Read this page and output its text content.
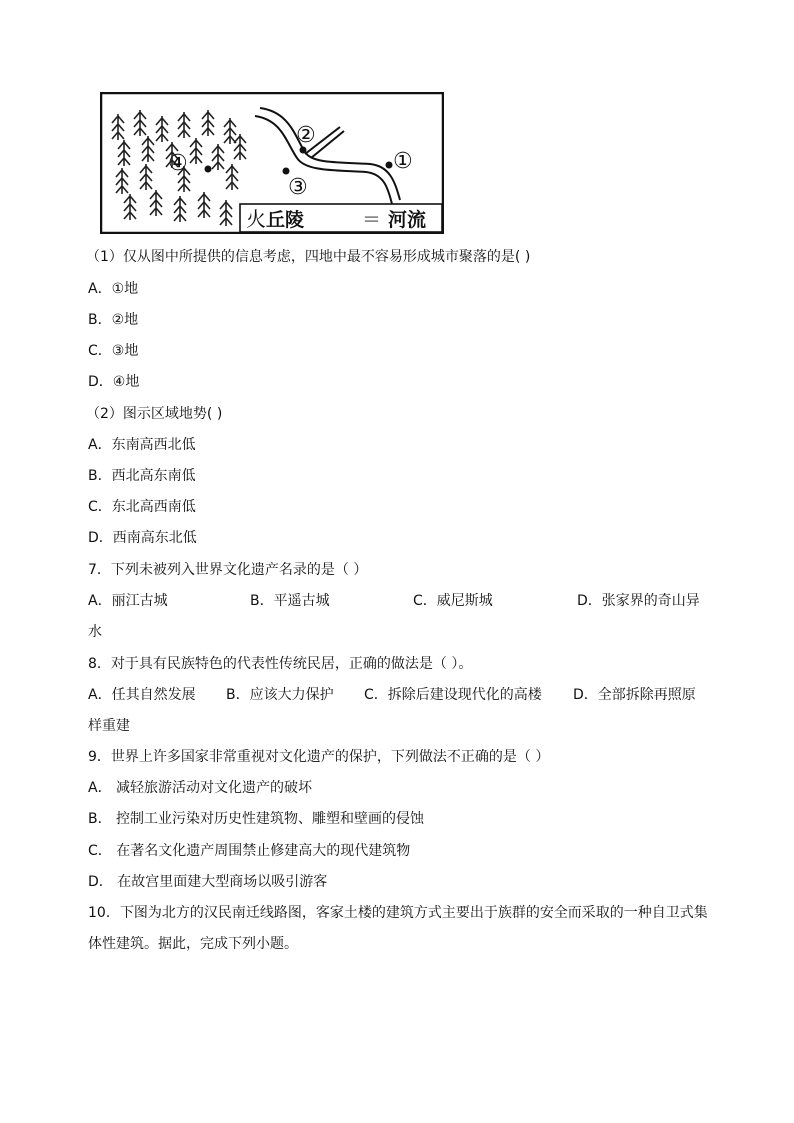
①
②
③
④
⽕ 丘陵	＝ 河流
（1）仅从图中所提供的信息考虑，四地中最不容易形成城市聚落的是( )
A．①地
B．②地
C．③地
D．④地
（2）图示区域地势( )
A．东南高西北低
B．西北高东南低
C．东北高西南低
D．西南高东北低
7．下列未被列入世界文化遗产名录的是（ ）
A．丽江古城	B．平遥古城	C．威尼斯城	D．张家界的奇山异
水
8．对于具有民族特色的代表性传统民居，正确的做法是（ ）。
A．任其自然发展 B．应该大力保护 C．拆除后建设现代化的高楼 D．全部拆除再照原
样重建
9．世界上许多国家非常重视对文化遗产的保护，下列做法不正确的是（ ）
A． 减轻旅游活动对文化遗产的破坏
B． 控制工业污染对历史性建筑物、雕塑和壁画的侵蚀
C． 在著名文化遗产周围禁止修建高大的现代建筑物
D． 在故宫里面建大型商场以吸引游客
10．下图为北方的汉民南迁线路图，客家土楼的建筑方式主要出于族群的安全而采取的一种自卫式集
体性建筑。据此，完成下列小题。
